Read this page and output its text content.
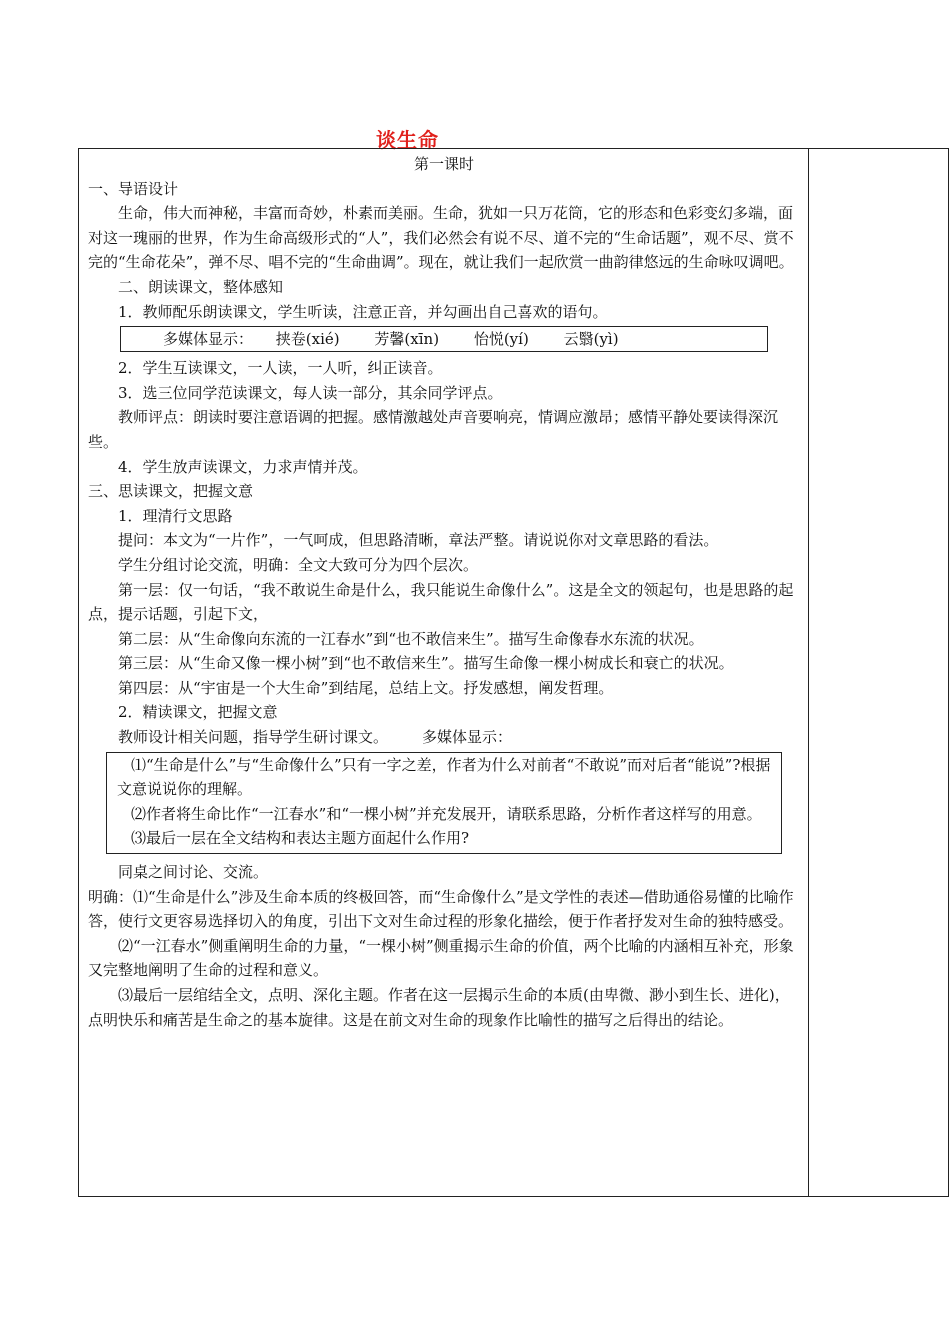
谈生命

第一课时

一、导语设计

生命，伟大而神秘，丰富而奇妙，朴素而美丽。生命，犹如一只万花筒，它的形态和色彩变幻多端，面对这一瑰丽的世界，作为生命高级形式的“人”，我们必然会有说不尽、道不完的“生命话题”，观不尽、赏不完的“生命花朵”，弹不尽、唱不完的“生命曲调”。现在，就让我们一起欣赏一曲韵律悠远的生命咏叹调吧。

二、朗读课文，整体感知

1．教师配乐朗读课文，学生听读，注意正音，并勾画出自己喜欢的语句。

多媒体显示： 挟卷(xié) 芳馨(xīn) 怡悦(yí) 云翳(yì)

2．学生互读课文，一人读，一人听，纠正读音。

3．选三位同学范读课文，每人读一部分，其余同学评点。

教师评点：朗读时要注意语调的把握。感情激越处声音要响亮，情调应激昂；感情平静处要读得深沉些。

4．学生放声读课文，力求声情并茂。

三、思读课文，把握文意

1．理清行文思路

提问：本文为“一片作”，一气呵成，但思路清晰，章法严整。请说说你对文章思路的看法。

学生分组讨论交流，明确：全文大致可分为四个层次。

第一层：仅一句话，“我不敢说生命是什么，我只能说生命像什么”。这是全文的领起句，也是思路的起点，提示话题，引起下文，

第二层：从“生命像向东流的一江春水”到“也不敢信来生”。描写生命像春水东流的状况。

第三层：从“生命又像一棵小树”到“也不敢信来生”。描写生命像一棵小树成长和衰亡的状况。

第四层：从“宇宙是一个大生命”到结尾，总结上文。抒发感想，阐发哲理。

2．精读课文，把握文意

教师设计相关问题，指导学生研讨课文。 多媒体显示：

⑴“生命是什么”与“生命像什么”只有一字之差，作者为什么对前者“不敢说”而对后者“能说”?根据文意说说你的理解。

⑵作者将生命比作“一江春水”和“一棵小树”并充发展开，请联系思路，分析作者这样写的用意。

⑶最后一层在全文结构和表达主题方面起什么作用?

同桌之间讨论、交流。

明确：⑴“生命是什么”涉及生命本质的终极回答，而“生命像什么”是文学性的表述—借助通俗易懂的比喻作答，使行文更容易选择切入的角度，引出下文对生命过程的形象化描绘，便于作者抒发对生命的独特感受。

⑵“一江春水”侧重阐明生命的力量，“一棵小树”侧重揭示生命的价值，两个比喻的内涵相互补充，形象又完整地阐明了生命的过程和意义。

⑶最后一层绾结全文，点明、深化主题。作者在这一层揭示生命的本质(由卑微、渺小到生长、进化)，点明快乐和痛苦是生命之的基本旋律。这是在前文对生命的现象作比喻性的描写之后得出的结论。
